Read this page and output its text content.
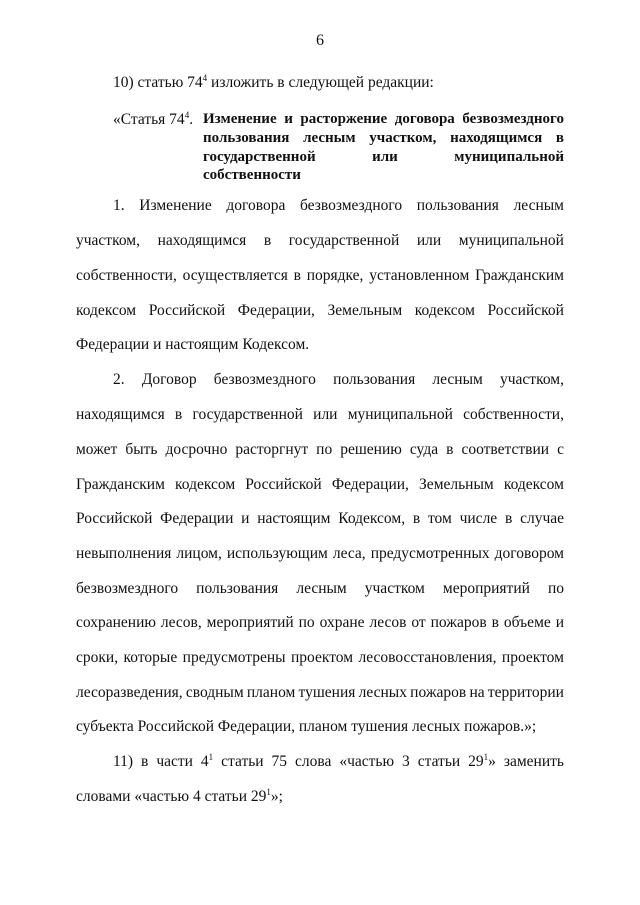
6
10) статью $74^4$ изложить в следующей редакции:
«Статья $74^4$. Изменение и расторжение договора безвозмездного
пользования лесным участком, находящимся в
государственной	или	муниципальной
собственности
1. Изменение договора безвозмездного пользования лесным
участком, находящимся в государственной или муниципальной
собственности, осуществляется в порядке, установленном Гражданским
кодексом Российской Федерации, Земельным кодексом Российской
Федерации и настоящим Кодексом.
2. Договор безвозмездного пользования лесным участком,
находящимся в государственной или муниципальной собственности,
может быть досрочно расторгнут по решению суда в соответствии с
Гражданским кодексом Российской Федерации, Земельным кодексом
Российской Федерации и настоящим Кодексом, в том числе в случае
невыполнения лицом, использующим леса, предусмотренных договором
безвозмездного пользования лесным участком мероприятий по
сохранению лесов, мероприятий по охране лесов от пожаров в объеме и
сроки, которые предусмотрены проектом лесовосстановления, проектом
лесоразведения, сводным планом тушения лесных пожаров на территории
субъекта Российской Федерации, планом тушения лесных пожаров.»;
11) в части $4^1$ статьи 75 слова «частью 3 статьи $29^1$» заменить
словами «частью 4 статьи $29^1$»;
